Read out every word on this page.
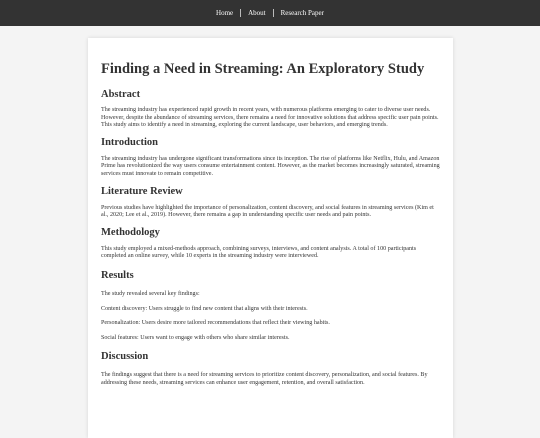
Home	About	Research Paper
Finding a Need in Streaming: An Exploratory Study
Abstract

The streaming industry has experienced rapid growth in recent years, with numerous platforms emerging to cater to diverse user needs. However, despite the abundance of streaming services, there remains a need for innovative solutions that address specific user pain points. This study aims to identify a need in streaming, exploring the current landscape, user behaviors, and emerging trends.

Introduction

The streaming industry has undergone significant transformations since its inception. The rise of platforms like Netflix, Hulu, and Amazon Prime has revolutionized the way users consume entertainment content. However, as the market becomes increasingly saturated, streaming services must innovate to remain competitive.

Literature Review

Previous studies have highlighted the importance of personalization, content discovery, and social features in streaming services (Kim et al., 2020; Lee et al., 2019). However, there remains a gap in understanding specific user needs and pain points.

Methodology

This study employed a mixed-methods approach, combining surveys, interviews, and content analysis. A total of 100 participants completed an online survey, while 10 experts in the streaming industry were interviewed.

Results

The study revealed several key findings:

Content discovery: Users struggle to find new content that aligns with their interests.

Personalization: Users desire more tailored recommendations that reflect their viewing habits.

Social features: Users want to engage with others who share similar interests.

Discussion

The findings suggest that there is a need for streaming services to prioritize content discovery, personalization, and social features. By addressing these needs, streaming services can enhance user engagement, retention, and overall satisfaction.
